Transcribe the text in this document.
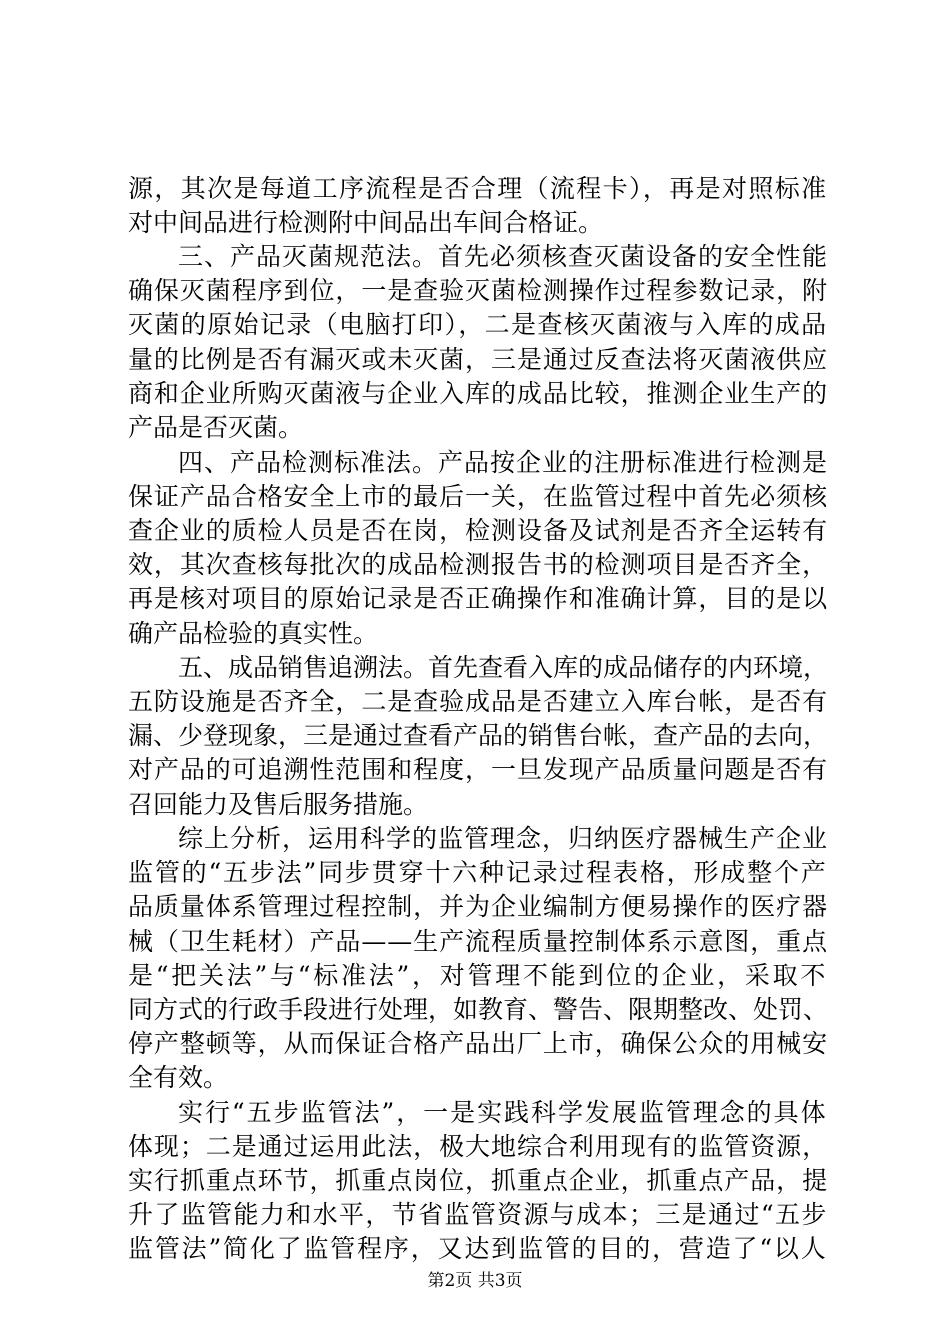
源，其次是每道工序流程是否合理（流程卡），再是对照标准
对中间品进行检测附中间品出车间合格证。
三、产品灭菌规范法。首先必须核查灭菌设备的安全性能
确保灭菌程序到位，一是查验灭菌检测操作过程参数记录，附
灭菌的原始记录（电脑打印），二是查核灭菌液与入库的成品
量的比例是否有漏灭或未灭菌，三是通过反查法将灭菌液供应
商和企业所购灭菌液与企业入库的成品比较，推测企业生产的
产品是否灭菌。
四、产品检测标准法。产品按企业的注册标准进行检测是
保证产品合格安全上市的最后一关，在监管过程中首先必须核
查企业的质检人员是否在岗，检测设备及试剂是否齐全运转有
效，其次查核每批次的成品检测报告书的检测项目是否齐全，
再是核对项目的原始记录是否正确操作和准确计算，目的是以
确产品检验的真实性。
五、成品销售追溯法。首先查看入库的成品储存的内环境，
五防设施是否齐全，二是查验成品是否建立入库台帐，是否有
漏、少登现象，三是通过查看产品的销售台帐，查产品的去向，
对产品的可追溯性范围和程度，一旦发现产品质量问题是否有
召回能力及售后服务措施。
综上分析，运用科学的监管理念，归纳医疗器械生产企业
监管的“五步法”同步贯穿十六种记录过程表格，形成整个产
品质量体系管理过程控制，并为企业编制方便易操作的医疗器
械（卫生耗材）产品——生产流程质量控制体系示意图，重点
是“把关法”与“标准法”，对管理不能到位的企业，采取不
同方式的行政手段进行处理，如教育、警告、限期整改、处罚、
停产整顿等，从而保证合格产品出厂上市，确保公众的用械安
全有效。
实行“五步监管法”，一是实践科学发展监管理念的具体
体现；二是通过运用此法，极大地综合利用现有的监管资源，
实行抓重点环节，抓重点岗位，抓重点企业，抓重点产品，提
升了监管能力和水平，节省监管资源与成本；三是通过“五步
监管法”简化了监管程序，又达到监管的目的，营造了“以人
第2页 共3页
